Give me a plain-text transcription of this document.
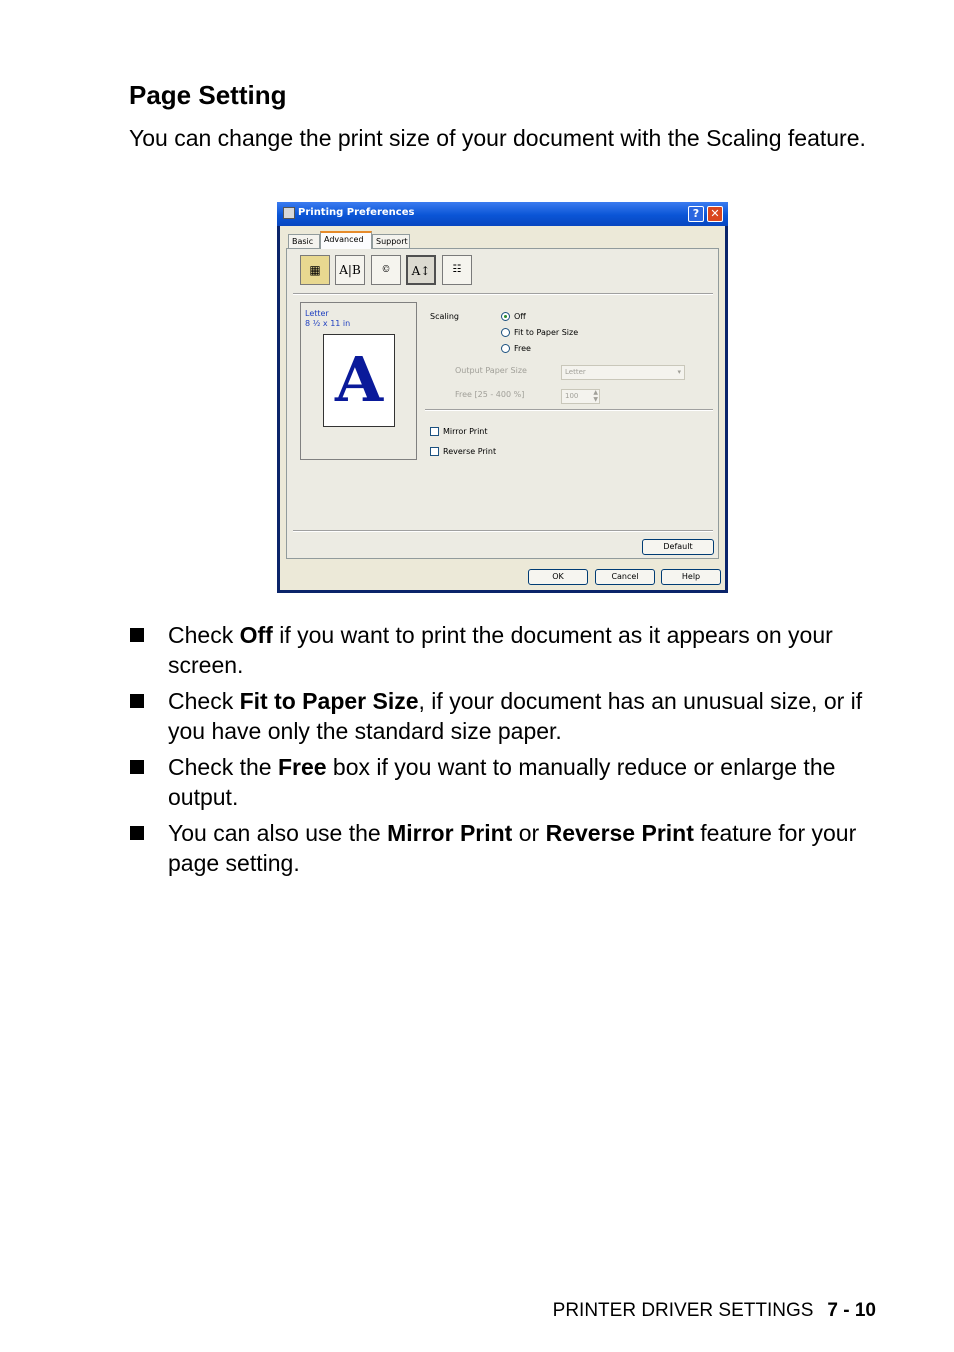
Page Setting

You can change the print size of your document with the Scaling feature.

Printing Preferences	?	✕
Basic	Advanced	Support
▦	A|B	©	A↕	☷
Letter
8 ½ x 11 in
A
Scaling	Off
Fit to Paper Size
Free
Output Paper Size	Letter	▾
Free [25 - 400 %]	100	▲
▼
Mirror Print
Reverse Print
Default
OK	Cancel	Help
Check Off if you want to print the document as it appears on your screen.
Check Fit to Paper Size, if your document has an unusual size, or if you have only the standard size paper.
Check the Free box if you want to manually reduce or enlarge the output.
You can also use the Mirror Print or Reverse Print feature for your page setting.
PRINTER DRIVER SETTINGS 7 - 10
